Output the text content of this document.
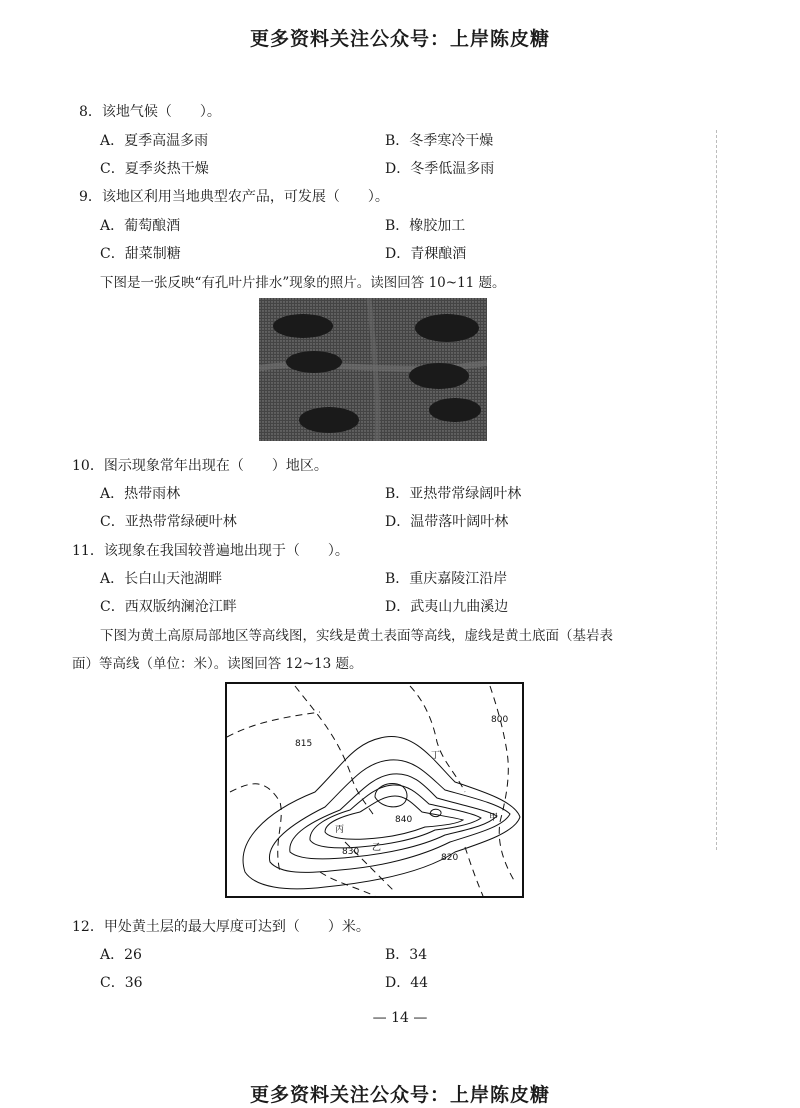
更多资料关注公众号：上岸陈皮糖
8．该地气候（　　）。
A．夏季高温多雨	B．冬季寒冷干燥
C．夏季炎热干燥	D．冬季低温多雨
9．该地区利用当地典型农产品，可发展（　　）。
A．葡萄酿酒	B．橡胶加工
C．甜菜制糖	D．青稞酿酒
下图是一张反映“有孔叶片排水”现象的照片。读图回答 10~11 题。
10．图示现象常年出现在（　　）地区。
A．热带雨林	B．亚热带常绿阔叶林
C．亚热带常绿硬叶林	D．温带落叶阔叶林
11．该现象在我国较普遍地出现于（　　）。
A．长白山天池湖畔	B．重庆嘉陵江沿岸
C．西双版纳澜沧江畔	D．武夷山九曲溪边
下图为黄土高原局部地区等高线图，实线是黄土表面等高线，虚线是黄土底面（基岩表
面）等高线（单位：米）。读图回答 12~13 题。
800
815
840
830
820
甲
乙
丙
丁
12．甲处黄土层的最大厚度可达到（　　）米。
A．26	B．34
C．36	D．44
— 14 —
更多资料关注公众号：上岸陈皮糖
